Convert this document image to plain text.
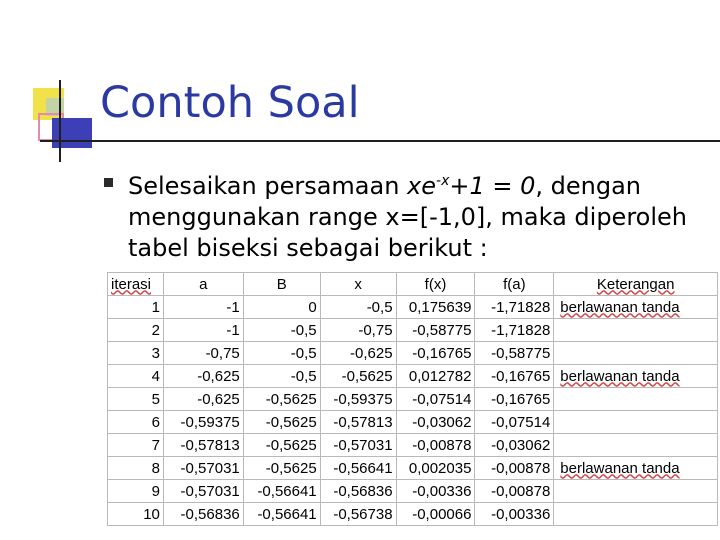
Contoh Soal
Selesaikan persamaan $xe^{-x}+1 = 0$, dengan menggunakan range x=[-1,0], maka diperoleh tabel biseksi sebagai berikut :
iterasi	a	B	x	f(x)	f(a)	Keterangan
1	-1	0	-0,5	0,175639	-1,71828	berlawanan tanda
2	-1	-0,5	-0,75	-0,58775	-1,71828	
3	-0,75	-0,5	-0,625	-0,16765	-0,58775	
4	-0,625	-0,5	-0,5625	0,012782	-0,16765	berlawanan tanda
5	-0,625	-0,5625	-0,59375	-0,07514	-0,16765	
6	-0,59375	-0,5625	-0,57813	-0,03062	-0,07514	
7	-0,57813	-0,5625	-0,57031	-0,00878	-0,03062	
8	-0,57031	-0,5625	-0,56641	0,002035	-0,00878	berlawanan tanda
9	-0,57031	-0,56641	-0,56836	-0,00336	-0,00878	
10	-0,56836	-0,56641	-0,56738	-0,00066	-0,00336	
